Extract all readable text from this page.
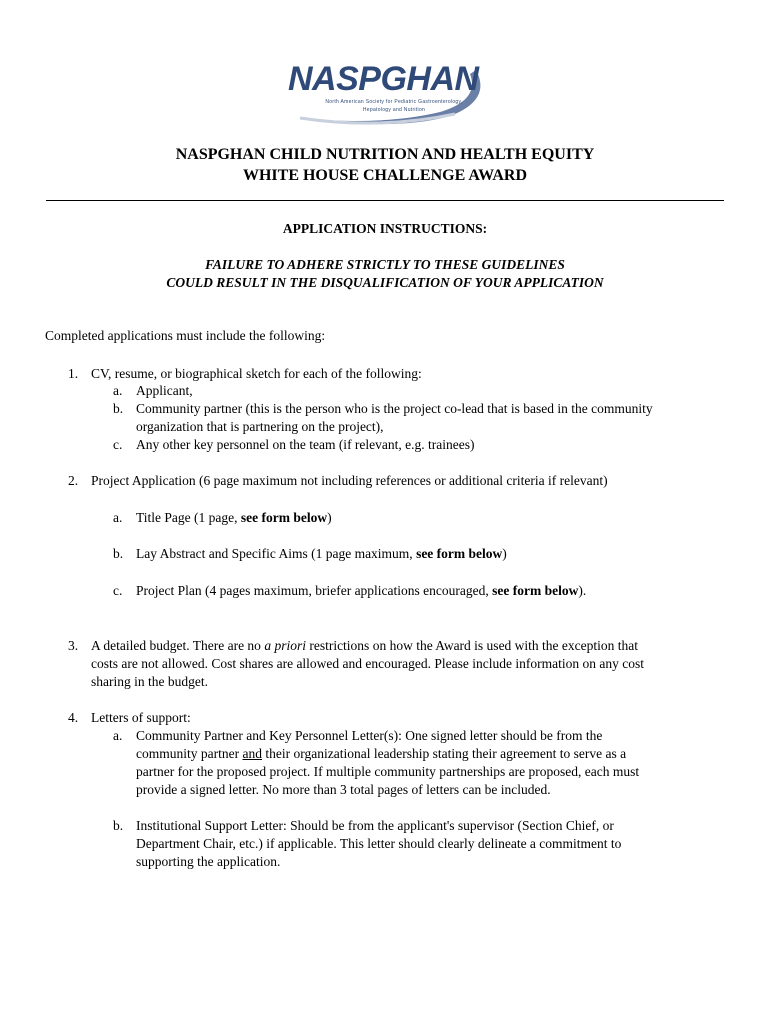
NASPGHAN
North American Society for Pediatric Gastroenterology,
Hepatology and Nutrition
NASPGHAN CHILD NUTRITION AND HEALTH EQUITY
WHITE HOUSE CHALLENGE AWARD
APPLICATION INSTRUCTIONS:
FAILURE TO ADHERE STRICTLY TO THESE GUIDELINES
COULD RESULT IN THE DISQUALIFICATION OF YOUR APPLICATION
Completed applications must include the following:
1. CV, resume, or biographical sketch for each of the following:
a. Applicant,
b. Community partner (this is the person who is the project co-lead that is based in the community
organization that is partnering on the project),
c. Any other key personnel on the team (if relevant, e.g. trainees)
2. Project Application (6 page maximum not including references or additional criteria if relevant)
a. Title Page (1 page, see form below)
b. Lay Abstract and Specific Aims (1 page maximum, see form below)
c. Project Plan (4 pages maximum, briefer applications encouraged, see form below).
3. A detailed budget. There are no a priori restrictions on how the Award is used with the exception that
costs are not allowed. Cost shares are allowed and encouraged. Please include information on any cost
sharing in the budget.
4. Letters of support:
a. Community Partner and Key Personnel Letter(s): One signed letter should be from the
community partner and their organizational leadership stating their agreement to serve as a
partner for the proposed project. If multiple community partnerships are proposed, each must
provide a signed letter. No more than 3 total pages of letters can be included.
b. Institutional Support Letter: Should be from the applicant's supervisor (Section Chief, or
Department Chair, etc.) if applicable. This letter should clearly delineate a commitment to
supporting the application.
